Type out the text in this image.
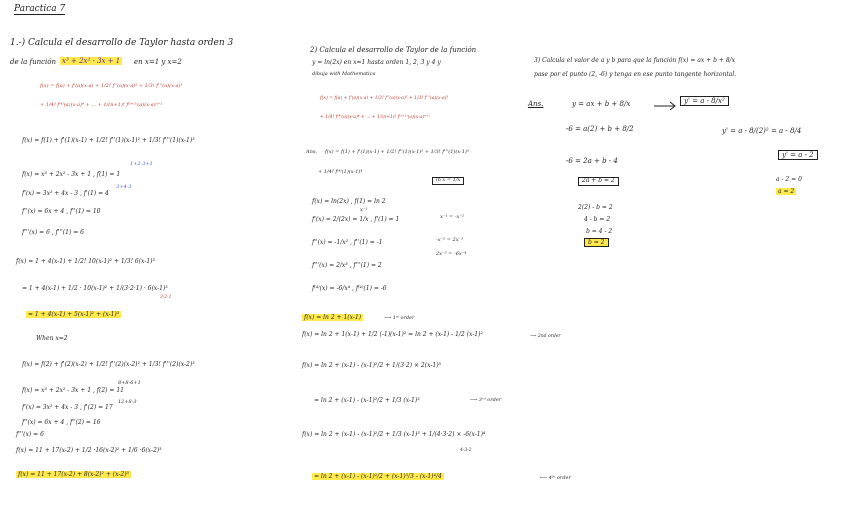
Paractica 7
1.-) Calcula el desarrollo de Taylor hasta orden 3
de la función x³ + 2x² - 3x + 1 en x=1 y x=2
f(x) = f(a) + f'(a)(x-a) + 1/2! f''(a)(x-a)² + 1/3! f'''(a)(x-a)³
+ 1/4! f⁽⁴⁾(a)(x-a)⁴ + ... + 1/(n+1)! f⁽ⁿ⁺¹⁾(a)(x-a)ⁿ⁺¹
f(x) = f(1) + f'(1)(x-1) + 1/2! f''(1)(x-1)² + 1/3! f'''(1)(x-1)³
1+2-3+1
f(x) = x³ + 2x² - 3x + 1 , f(1) = 1
3+4-3
f'(x) = 3x² + 4x - 3 , f'(1) = 4
f''(x) = 6x + 4 , f''(1) = 10
f'''(x) = 6 , f'''(1) = 6
f(x) = 1 + 4(x-1) + 1/2! 10(x-1)² + 1/3! 6(x-1)³
= 1 + 4(x-1) + 1/2 · 10(x-1)² + 1/(3·2·1) · 6(x-1)³
3·2·1
= 1 + 4(x-1) + 5(x-1)² + (x-1)³
When x=2
f(x) = f(2) + f'(2)(x-2) + 1/2! f''(2)(x-2)² + 1/3! f'''(2)(x-2)³
8+8-6+1
f(x) = x³ + 2x² - 3x + 1 , f(2) = 11
12+8-3
f'(x) = 3x² + 4x - 3 , f'(2) = 17
f''(x) = 6x + 4 , f''(2) = 16
f'''(x) = 6
f(x) = 11 + 17(x-2) + 1/2 ·16(x-2)² + 1/6 ·6(x-2)³
f(x) = 11 + 17(x-2) + 8(x-2)² + (x-2)³
2) Calcula el desarrollo de Taylor de la función
y = ln(2x) en x=1 hasta orden 1, 2, 3 y 4 y
dibuja with Mathematica
f(x) = f(a) + f'(a)(x-a) + 1/2! f''(a)(x-a)² + 1/3! f'''(a)(x-a)³
+ 1/4! f⁽⁴⁾(a)(x-a)⁴ + ... + 1/(n+1)! f⁽ⁿ⁺¹⁾(a)(x-a)ⁿ⁺¹
Ans. f(x) = f(1) + f'(1)(x-1) + 1/2! f''(1)(x-1)² + 1/3! f'''(1)(x-1)³
+ 1/4! f⁽⁴⁾(1)(x-1)⁴
ln x = 1/x
f(x) = ln(2x) , f(1) = ln 2
x⁻¹
f'(x) = 2/(2x) = 1/x , f'(1) = 1	x⁻¹ = -x⁻²
f''(x) = -1/x² , f''(1) = -1	-x⁻² = 2x⁻³
2x⁻³ = -6x⁻⁴
f'''(x) = 2/x³ , f'''(1) = 2
f⁽⁴⁾(x) = -6/x⁴ , f⁽⁴⁾(1) = -6
f(x) = ln 2 + 1(x-1)	⟶ 1ˢᵗ order
f(x) = ln 2 + 1(x-1) + 1/2 (-1)(x-1)² = ln 2 + (x-1) - 1/2 (x-1)²	⟶ 2nd order
f(x) = ln 2 + (x-1) - (x-1)²/2 + 1/(3·2) × 2(x-1)³
= ln 2 + (x-1) - (x-1)²/2 + 1/3 (x-1)³	⟶ 3ʳᵈ order
f(x) = ln 2 + (x-1) - (x-1)²/2 + 1/3 (x-1)³ + 1/(4·3·2) × -6(x-1)⁴
4·3·2
= ln 2 + (x-1) - (x-1)²/2 + (x-1)³/3 - (x-1)⁴/4	⟵ 4ᵗʰ order
3) Calcula el valor de a y b para que la función f(x) = ax + b + 8/x
pase por el punto (2, -6) y tenga en ese punto tangente horizontal.
Ans.	y = ax + b + 8/x	y' = a - 8/x²
-6 = a(2) + b + 8/2	y' = a - 8/(2)² = a - 8/4
-6 = 2a + b - 4
y' = a - 2
2a + b = 2	a - 2 = 0
a = 2
2(2) - b = 2
4 - b = 2
b = 4 - 2
b = 2
